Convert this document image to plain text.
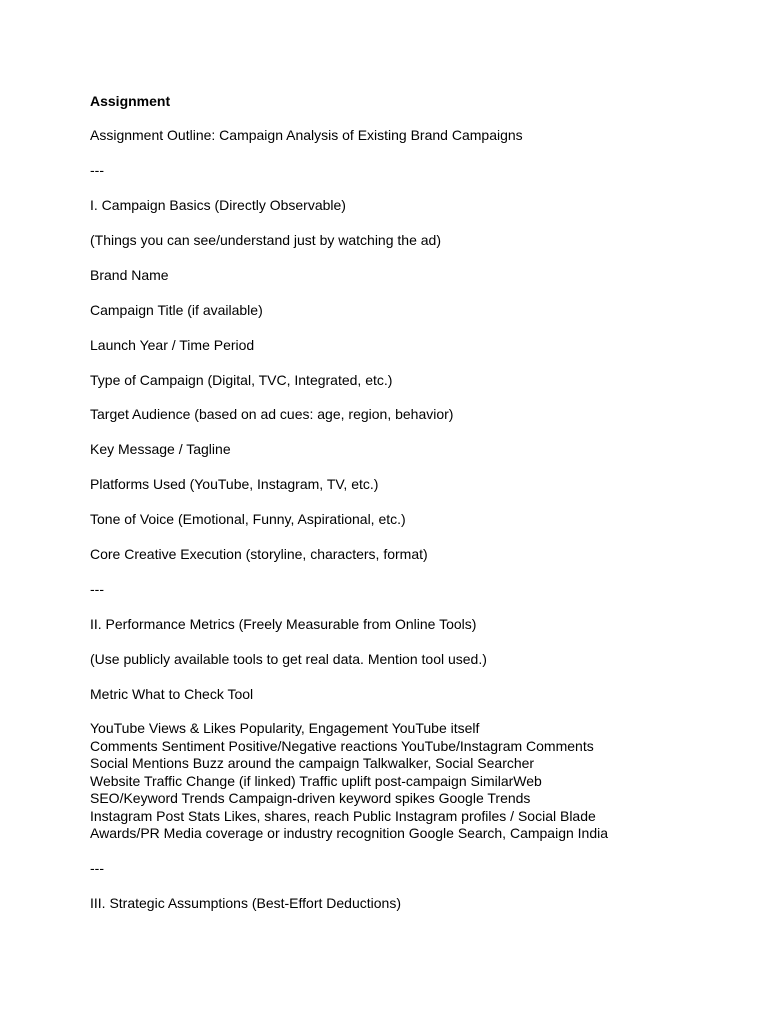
Assignment

Assignment Outline: Campaign Analysis of Existing Brand Campaigns

---

I. Campaign Basics (Directly Observable)

(Things you can see/understand just by watching the ad)

Brand Name

Campaign Title (if available)

Launch Year / Time Period

Type of Campaign (Digital, TVC, Integrated, etc.)

Target Audience (based on ad cues: age, region, behavior)

Key Message / Tagline

Platforms Used (YouTube, Instagram, TV, etc.)

Tone of Voice (Emotional, Funny, Aspirational, etc.)

Core Creative Execution (storyline, characters, format)

---

II. Performance Metrics (Freely Measurable from Online Tools)

(Use publicly available tools to get real data. Mention tool used.)

Metric What to Check Tool

YouTube Views & Likes Popularity, Engagement YouTube itself

Comments Sentiment Positive/Negative reactions YouTube/Instagram Comments

Social Mentions Buzz around the campaign Talkwalker, Social Searcher

Website Traffic Change (if linked) Traffic uplift post-campaign SimilarWeb

SEO/Keyword Trends Campaign-driven keyword spikes Google Trends

Instagram Post Stats Likes, shares, reach Public Instagram profiles / Social Blade

Awards/PR Media coverage or industry recognition Google Search, Campaign India

---

III. Strategic Assumptions (Best-Effort Deductions)
